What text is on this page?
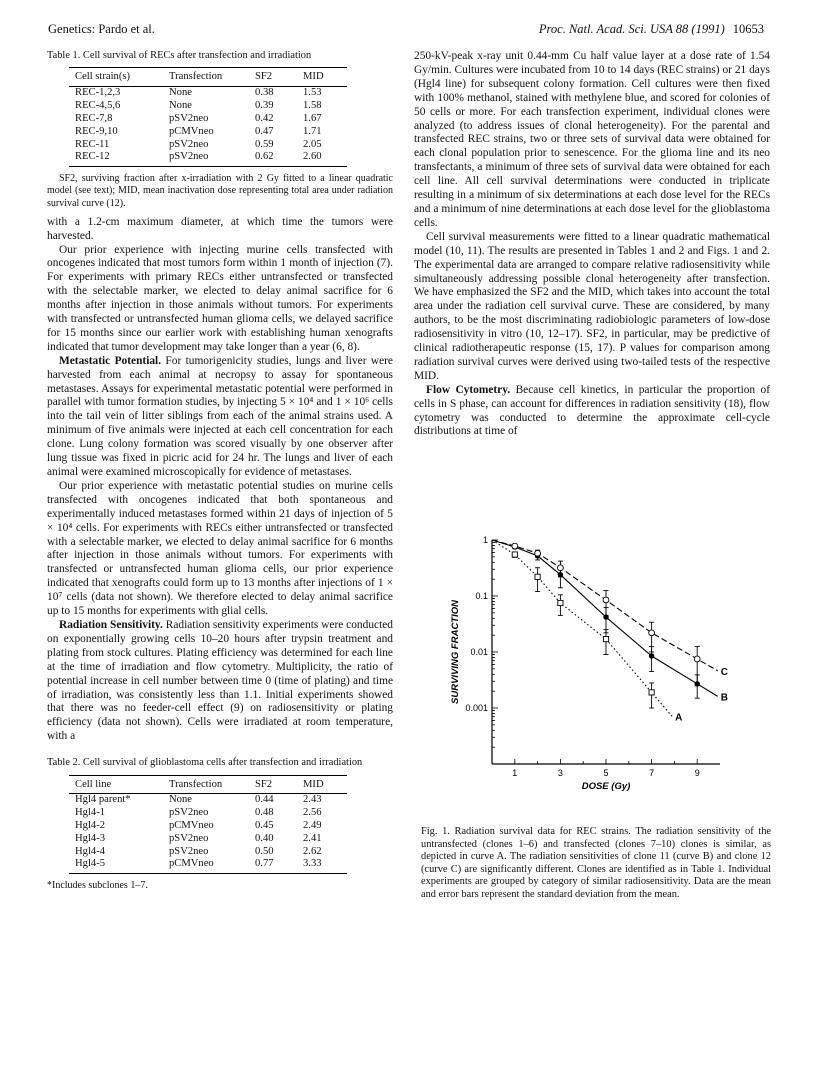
Genetics: Pardo et al.	Proc. Natl. Acad. Sci. USA 88 (1991) 10653
Table 1. Cell survival of RECs after transfection and irradiation
Cell strain(s)	Transfection	SF2	MID
REC-1,2,3	None	0.38	1.53
REC-4,5,6	None	0.39	1.58
REC-7,8	pSV2neo	0.42	1.67
REC-9,10	pCMVneo	0.47	1.71
REC-11	pSV2neo	0.59	2.05
REC-12	pSV2neo	0.62	2.60
SF2, surviving fraction after x-irradiation with 2 Gy fitted to a linear quadratic model (see text); MID, mean inactivation dose representing total area under radiation survival curve (12).

with a 1.2-cm maximum diameter, at which time the tumors were harvested.

Our prior experience with injecting murine cells transfected with oncogenes indicated that most tumors form within 1 month of injection (7). For experiments with primary RECs either untransfected or transfected with the selectable marker, we elected to delay animal sacrifice for 6 months after injection in those animals without tumors. For experiments with transfected or untransfected human glioma cells, we delayed sacrifice for 15 months since our earlier work with establishing human xenografts indicated that tumor development may take longer than a year (6, 8).

Metastatic Potential. For tumorigenicity studies, lungs and liver were harvested from each animal at necropsy to assay for spontaneous metastases. Assays for experimental metastatic potential were performed in parallel with tumor formation studies, by injecting 5 × 10⁴ and 1 × 10⁶ cells into the tail vein of litter siblings from each of the animal strains used. A minimum of five animals were injected at each cell concentration for each clone. Lung colony formation was scored visually by one observer after lung tissue was fixed in picric acid for 24 hr. The lungs and liver of each animal were examined microscopically for evidence of metastases.

Our prior experience with metastatic potential studies on murine cells transfected with oncogenes indicated that both spontaneous and experimentally induced metastases formed within 21 days of injection of 5 × 10⁴ cells. For experiments with RECs either untransfected or transfected with a selectable marker, we elected to delay animal sacrifice for 6 months after injection in those animals without tumors. For experiments with transfected or untransfected human glioma cells, our prior experience indicated that xenografts could form up to 13 months after injections of 1 × 10⁷ cells (data not shown). We therefore elected to delay animal sacrifice up to 15 months for experiments with glial cells.

Radiation Sensitivity. Radiation sensitivity experiments were conducted on exponentially growing cells 10–20 hours after trypsin treatment and plating from stock cultures. Plating efficiency was determined for each line at the time of irradiation and flow cytometry. Multiplicity, the ratio of potential increase in cell number between time 0 (time of plating) and time of irradiation, was consistently less than 1.1. Initial experiments showed that there was no feeder-cell effect (9) on radiosensitivity or plating efficiency (data not shown). Cells were irradiated at room temperature, with a

Table 2. Cell survival of glioblastoma cells after transfection and irradiation
Cell line	Transfection	SF2	MID
Hgl4 parent*	None	0.44	2.43
Hgl4-1	pSV2neo	0.48	2.56
Hgl4-2	pCMVneo	0.45	2.49
Hgl4-3	pSV2neo	0.40	2.41
Hgl4-4	pSV2neo	0.50	2.62
Hgl4-5	pCMVneo	0.77	3.33
*Includes subclones 1–7.

250-kV-peak x-ray unit 0.44-mm Cu half value layer at a dose rate of 1.54 Gy/min. Cultures were incubated from 10 to 14 days (REC strains) or 21 days (Hgl4 line) for subsequent colony formation. Cell cultures were then fixed with 100% methanol, stained with methylene blue, and scored for colonies of 50 cells or more. For each transfection experiment, individual clones were analyzed (to address issues of clonal heterogeneity). For the parental and transfected REC strains, two or three sets of survival data were obtained for each clonal population prior to senescence. For the glioma line and its neo transfectants, a minimum of three sets of survival data were obtained for each cell line. All cell survival determinations were conducted in triplicate resulting in a minimum of six determinations at each dose level for the RECs and a minimum of nine determinations at each dose level for the glioblastoma cells.

Cell survival measurements were fitted to a linear quadratic mathematical model (10, 11). The results are presented in Tables 1 and 2 and Figs. 1 and 2. The experimental data are arranged to compare relative radiosensitivity while simultaneously addressing possible clonal heterogeneity after transfection. We have emphasized the SF2 and the MID, which takes into account the total area under the radiation cell survival curve. These are considered, by many authors, to be the most discriminating radiobiologic parameters of low-dose radiosensitivity in vitro (10, 12–17). SF2, in particular, may be predictive of clinical radiotherapeutic response (15, 17). P values for comparison among radiation survival curves were derived using two-tailed tests of the respective MID.

Flow Cytometry. Because cell kinetics, in particular the proportion of cells in S phase, can account for differences in radiation sensitivity (18), flow cytometry was conducted to determine the approximate cell-cycle distributions at time of

1
0.1
0.01
0.001
1	3	5	7	9
DOSE (Gy)
SURVIVING FRACTION
A
B
C
Fig. 1. Radiation survival data for REC strains. The radiation sensitivity of the untransfected (clones 1–6) and transfected (clones 7–10) clones is similar, as depicted in curve A. The radiation sensitivities of clone 11 (curve B) and clone 12 (curve C) are significantly different. Clones are identified as in Table 1. Individual experiments are grouped by category of similar radiosensitivity. Data are the mean and error bars represent the standard deviation from the mean.
